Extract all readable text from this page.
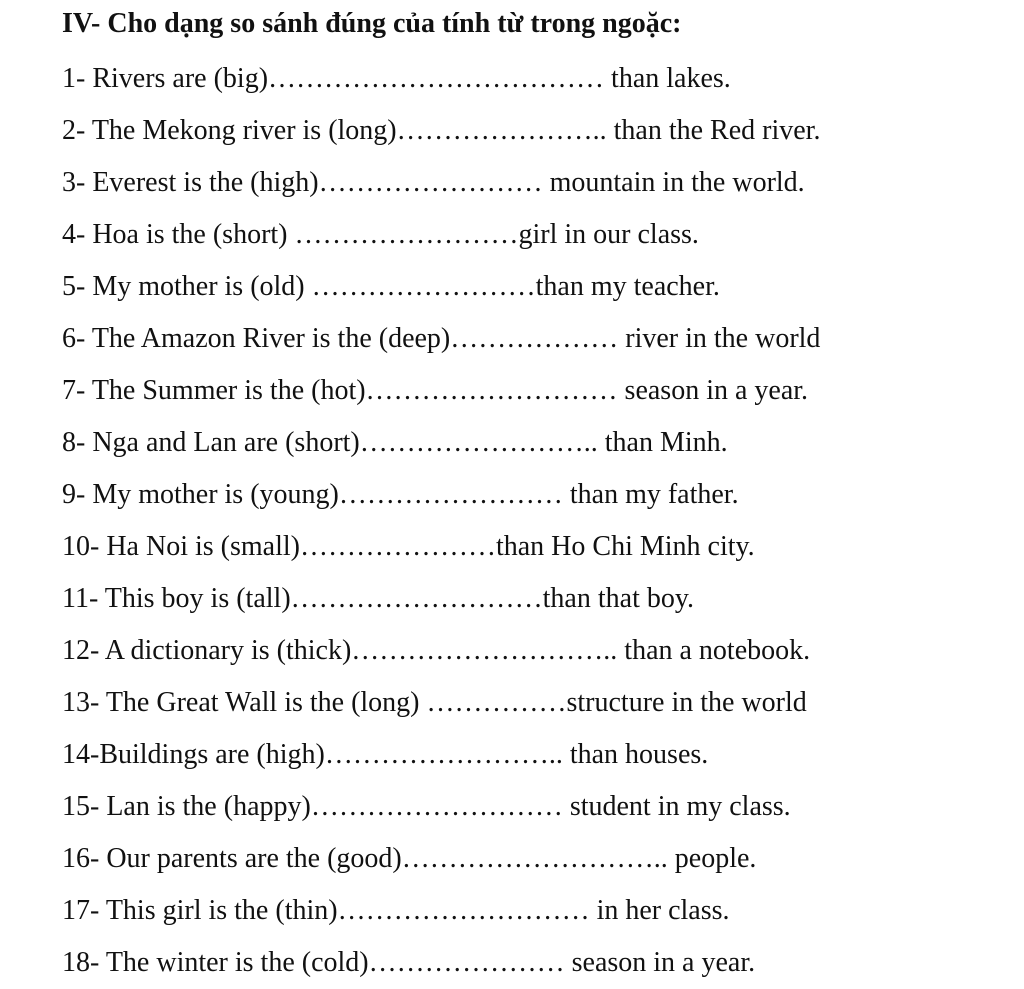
IV- Cho dạng so sánh đúng của tính từ trong ngoặc:
1- Rivers are (big)……………………………… than lakes.
2- The Mekong river is (long)………………….. than the Red river.
3- Everest is the (high)…………………… mountain in the world.
4- Hoa is the (short) ……………………girl in our class.
5- My mother is (old) ……………………than my teacher.
6- The Amazon River is the (deep)……………… river in the world
7- The Summer is the (hot)……………………… season in a year.
8- Nga and Lan are (short)…………………….. than Minh.
9- My mother is (young)…………………… than my father.
10- Ha Noi is (small)…………………than Ho Chi Minh city.
11- This boy is (tall)………………………than that boy.
12- A dictionary is (thick)……………………….. than a notebook.
13- The Great Wall is the (long) ……………structure in the world
14-Buildings are (high)…………………….. than houses.
15- Lan is the (happy)……………………… student in my class.
16- Our parents are the (good)……………………….. people.
17- This girl is the (thin)……………………… in her class.
18- The winter is the (cold)………………… season in a year.
